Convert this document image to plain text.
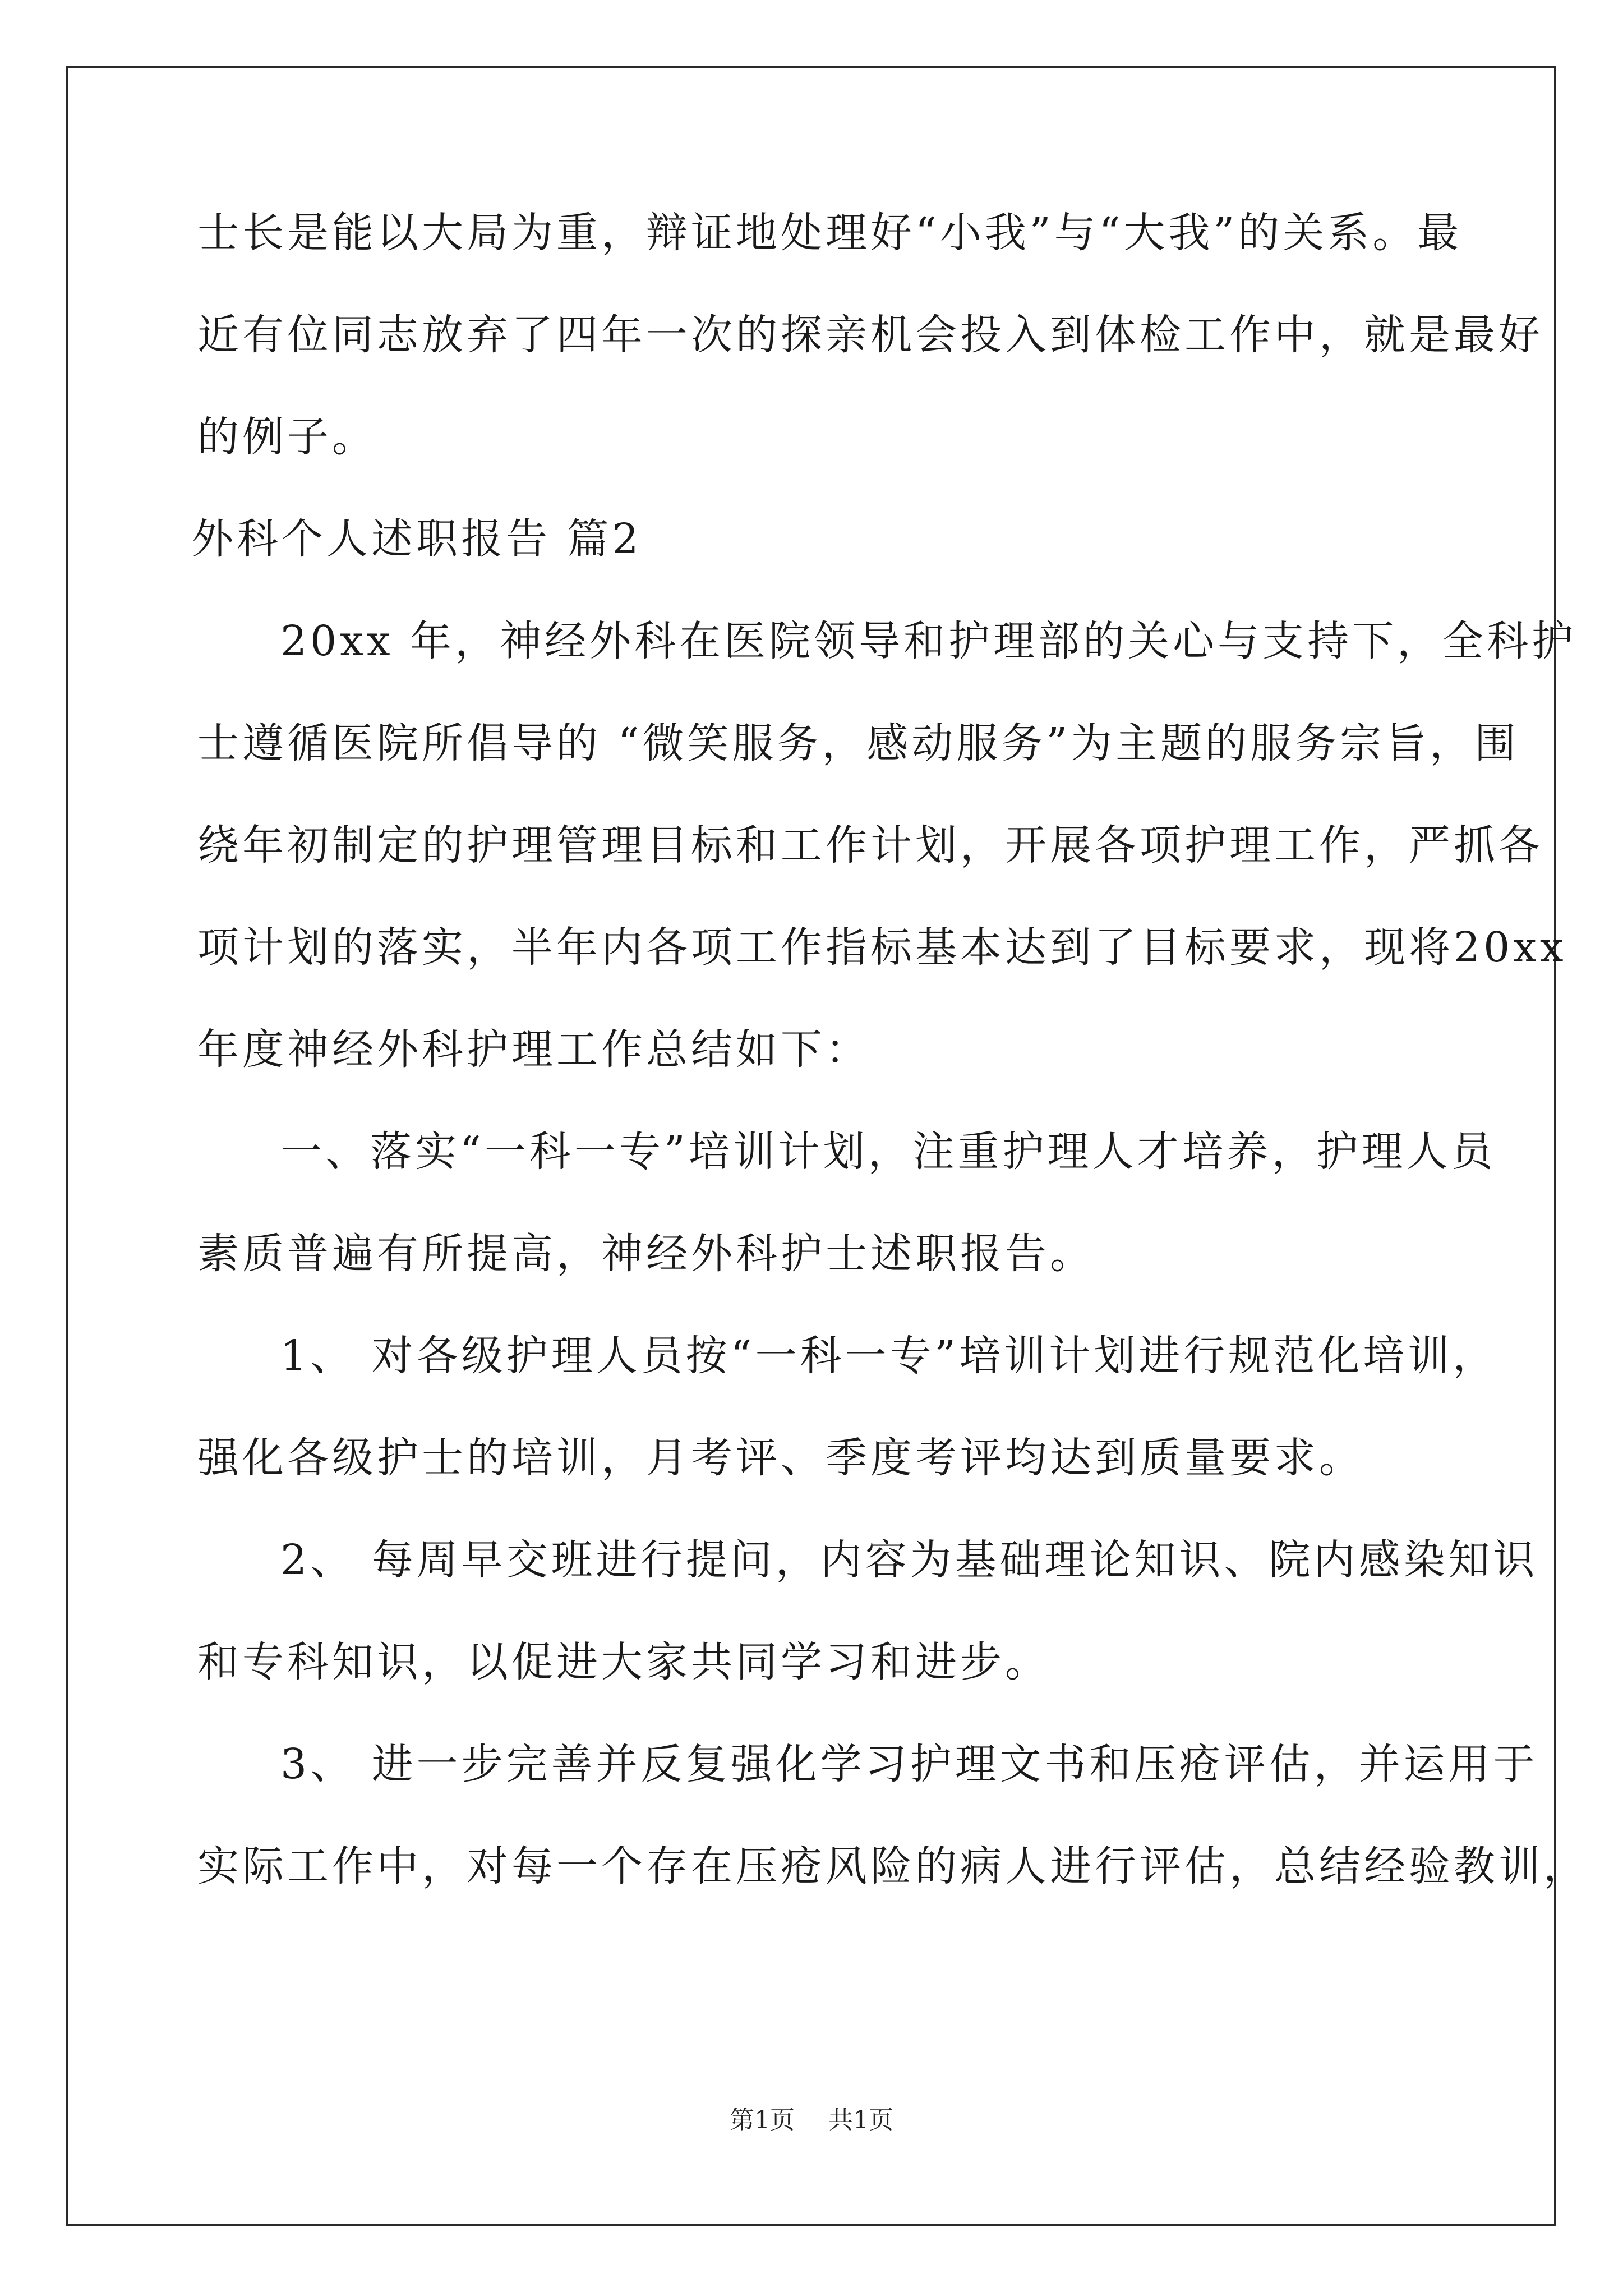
士长是能以大局为重，辩证地处理好“小我”与“大我”的关系。最
近有位同志放弃了四年一次的探亲机会投入到体检工作中，就是最好
的例子。
外科个人述职报告 篇2
20xx 年，神经外科在医院领导和护理部的关心与支持下，全科护
士遵循医院所倡导的 “微笑服务，感动服务”为主题的服务宗旨，围
绕年初制定的护理管理目标和工作计划，开展各项护理工作，严抓各
项计划的落实，半年内各项工作指标基本达到了目标要求，现将20xx
年度神经外科护理工作总结如下：
一、落实“一科一专”培训计划，注重护理人才培养，护理人员
素质普遍有所提高，神经外科护士述职报告。
1、 对各级护理人员按“一科一专”培训计划进行规范化培训，
强化各级护士的培训，月考评、季度考评均达到质量要求。
2、 每周早交班进行提问，内容为基础理论知识、院内感染知识
和专科知识，以促进大家共同学习和进步。
3、 进一步完善并反复强化学习护理文书和压疮评估，并运用于
实际工作中，对每一个存在压疮风险的病人进行评估，总结经验教训，
第1页 共1页
